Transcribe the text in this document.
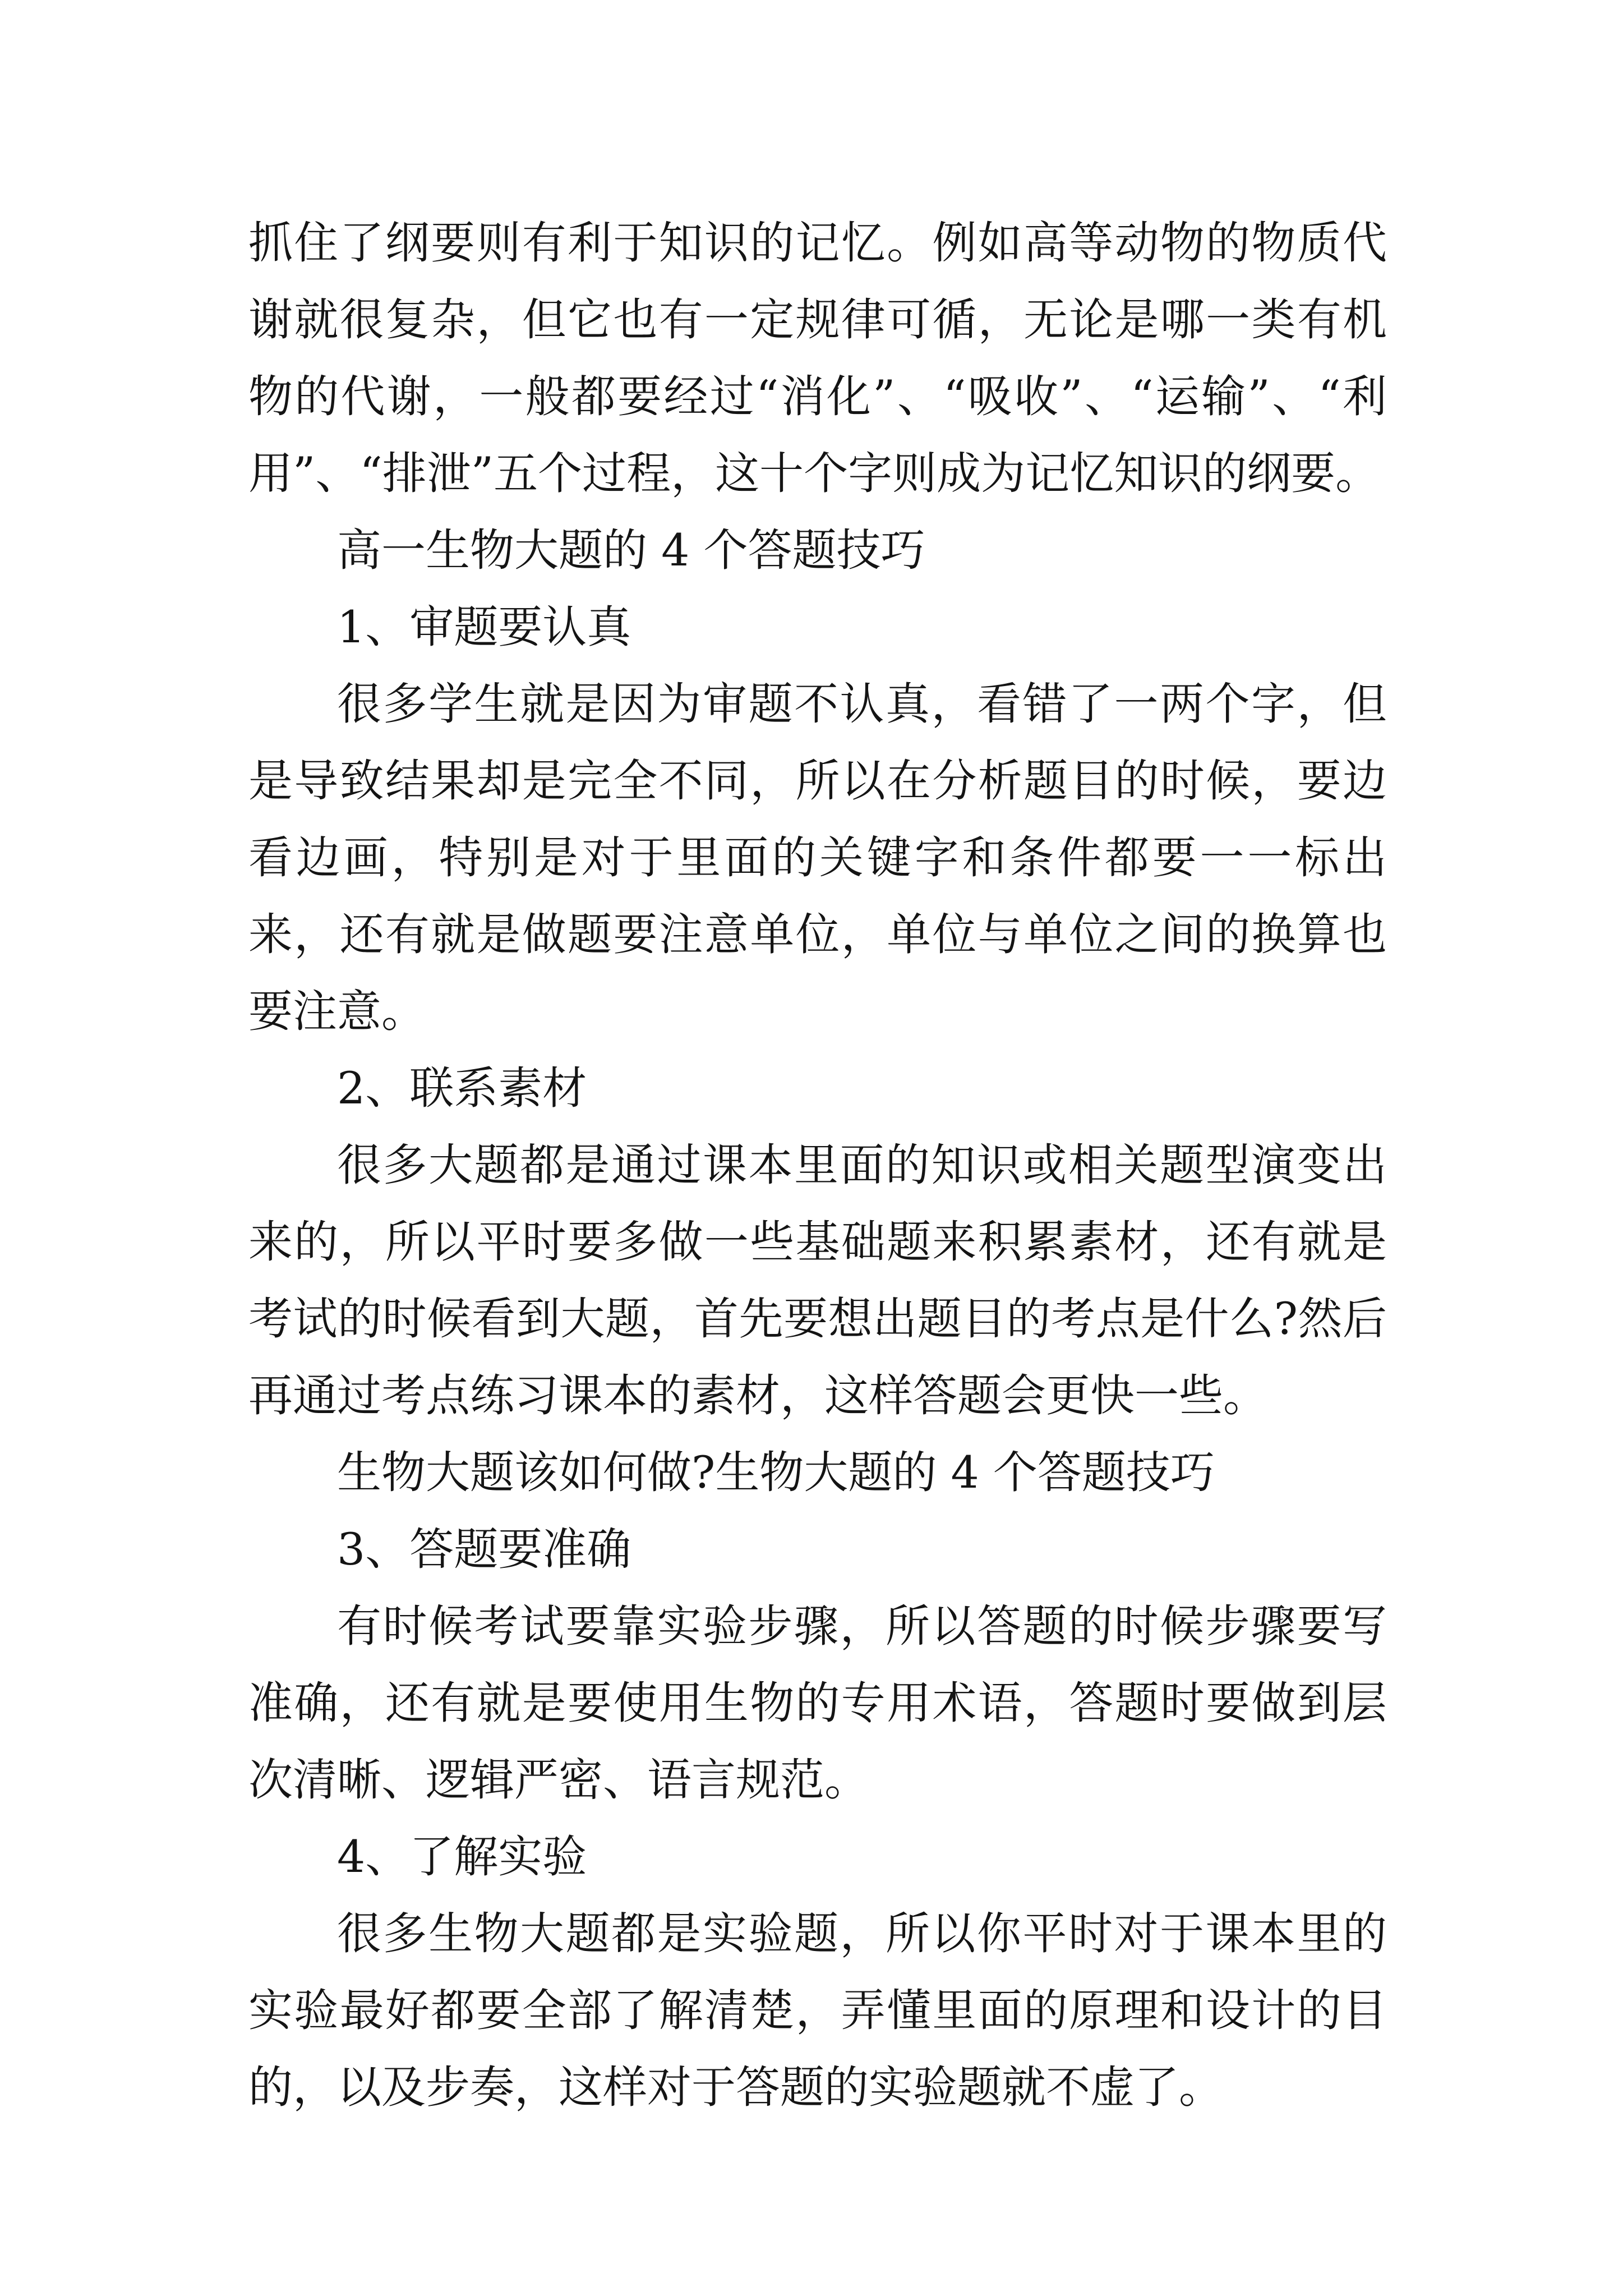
抓住了纲要则有利于知识的记忆。例如高等动物的物质代谢就很复杂，但它也有一定规律可循，无论是哪一类有机物的代谢，一般都要经过“消化”、“吸收”、“运输”、“利用”、“排泄”五个过程，这十个字则成为记忆知识的纲要。

高一生物大题的 4 个答题技巧

1、审题要认真

很多学生就是因为审题不认真，看错了一两个字，但是导致结果却是完全不同，所以在分析题目的时候，要边看边画，特别是对于里面的关键字和条件都要一一标出来，还有就是做题要注意单位，单位与单位之间的换算也要注意。

2、联系素材

很多大题都是通过课本里面的知识或相关题型演变出来的，所以平时要多做一些基础题来积累素材，还有就是考试的时候看到大题，首先要想出题目的考点是什么?然后再通过考点练习课本的素材，这样答题会更快一些。

生物大题该如何做?生物大题的 4 个答题技巧

3、答题要准确

有时候考试要靠实验步骤，所以答题的时候步骤要写准确，还有就是要使用生物的专用术语，答题时要做到层次清晰、逻辑严密、语言规范。

4、了解实验

很多生物大题都是实验题，所以你平时对于课本里的实验最好都要全部了解清楚，弄懂里面的原理和设计的目的，以及步奏，这样对于答题的实验题就不虚了。
